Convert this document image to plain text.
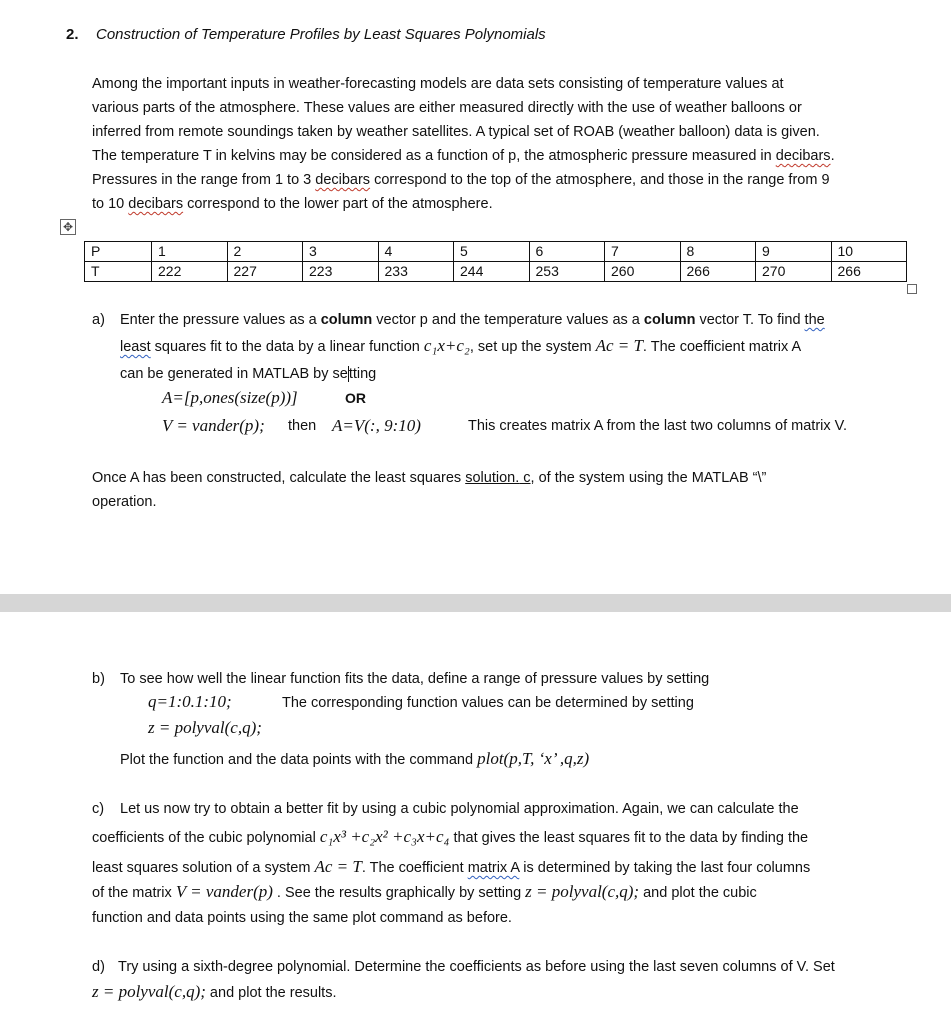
2. Construction of Temperature Profiles by Least Squares Polynomials
Among the important inputs in weather-forecasting models are data sets consisting of temperature values at
various parts of the atmosphere. These values are either measured directly with the use of weather balloons or
inferred from remote soundings taken by weather satellites. A typical set of ROAB (weather balloon) data is given.
The temperature T in kelvins may be considered as a function of p, the atmospheric pressure measured in decibars.
Pressures in the range from 1 to 3 decibars correspond to the top of the atmosphere, and those in the range from 9
to 10 decibars correspond to the lower part of the atmosphere.
✥
P	1	2	3	4	5	6	7	8	9	10
T	222	227	223	233	244	253	260	266	270	266
a) Enter the pressure values as a column vector p and the temperature values as a column vector T. To find the
least squares fit to the data by a linear function c₁x+c₂, set up the system Ac = T. The coefficient matrix A
can be generated in MATLAB by setting
A=[p,ones(size(p))]	OR
V = vander(p); then A=V(:, 9:10)	This creates matrix A from the last two columns of matrix V.
Once A has been constructed, calculate the least squares solution. c, of the system using the MATLAB “\”
operation.
b) To see how well the linear function fits the data, define a range of pressure values by setting
q=1:0.1:10;	The corresponding function values can be determined by setting
z = polyval(c,q);
Plot the function and the data points with the command plot(p,T, ‘x’ ,q,z)
c) Let us now try to obtain a better fit by using a cubic polynomial approximation. Again, we can calculate the
coefficients of the cubic polynomial c₁x³ +c₂x² +c₃x+c₄ that gives the least squares fit to the data by finding the
least squares solution of a system Ac = T. The coefficient matrix A is determined by taking the last four columns
of the matrix V = vander(p) . See the results graphically by setting z = polyval(c,q); and plot the cubic
function and data points using the same plot command as before.
d) Try using a sixth-degree polynomial. Determine the coefficients as before using the last seven columns of V. Set
z = polyval(c,q); and plot the results.
